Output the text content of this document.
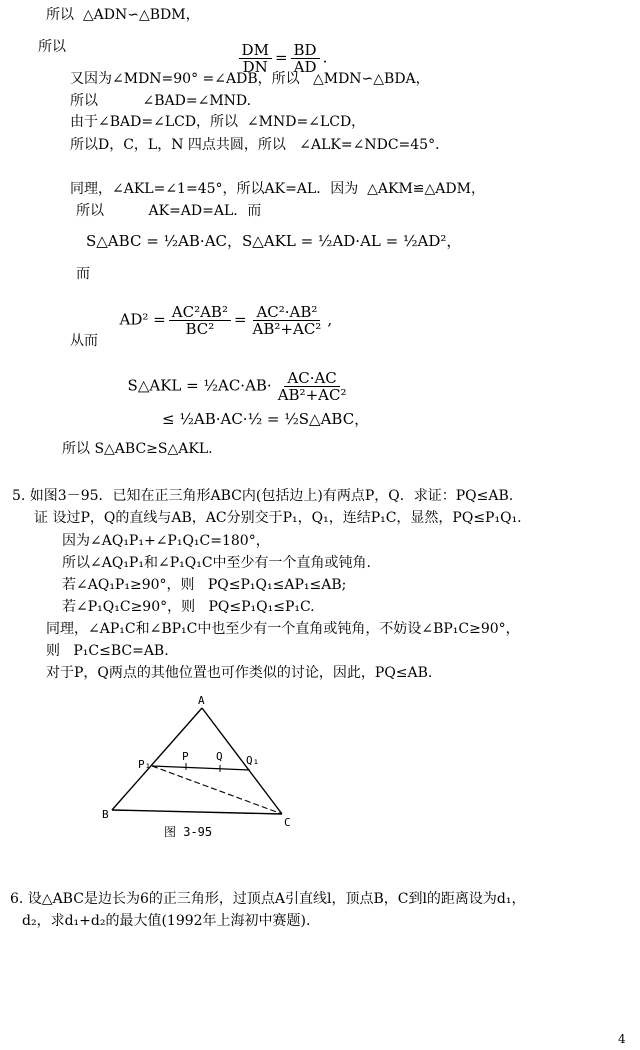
所以  △ADN∽△BDM，
所以

	$\frac{DM}{DN} = \frac{BD}{AD}$ .

又因为∠MDN=90° =∠ADB，所以   △MDN∽△BDA，
所以          ∠BAD=∠MND.
由于∠BAD=∠LCD，所以  ∠MND=∠LCD，
所以D，C，L，N 四点共圆，所以   ∠ALK=∠NDC=45°．
同理，∠AKL=∠1=45°，所以AK=AL．因为  △AKM≌△ADM，
所以          AK=AD=AL．而
S△ABC = ½AB·AC，S△AKL = ½AD·AL = ½AD²，
而

$AD^2 = \frac{\text{AC²AB²}}{\text{BC²}} = \frac{\text{AC²·AB²}}{\text{AB²+AC²}}$ ,

从而

S△AKL = ½AC·AB· $\frac{AC\cdot AC}{\text{AB²+AC²}}$

≤ ½AB·AC·½ = ½S△ABC，
所以 S△ABC≥S△AKL.
5. 如图3－95．已知在正三角形ABC内(包括边上)有两点P，Q．求证：PQ≤AB.
证 设过P，Q的直线与AB，AC分别交于P₁，Q₁，连结P₁C，显然，PQ≤P₁Q₁.
因为∠AQ₁P₁+∠P₁Q₁C=180°，
所以∠AQ₁P₁和∠P₁Q₁C中至少有一个直角或钝角.
若∠AQ₁P₁≥90°，则   PQ≤P₁Q₁≤AP₁≤AB;
若∠P₁Q₁C≥90°，则   PQ≤P₁Q₁≤P₁C.
同理，∠AP₁C和∠BP₁C中也至少有一个直角或钝角，不妨设∠BP₁C≥90°，
则   P₁C≤BC=AB.
对于P，Q两点的其他位置也可作类似的讨论，因此，PQ≤AB.
A
B
C
P₁
P Q Q₁
图 3-95
6. 设△ABC是边长为6的正三角形，过顶点A引直线l，顶点B，C到l的距离设为d₁，
d₂，求d₁+d₂的最大值(1992年上海初中赛题).
4
